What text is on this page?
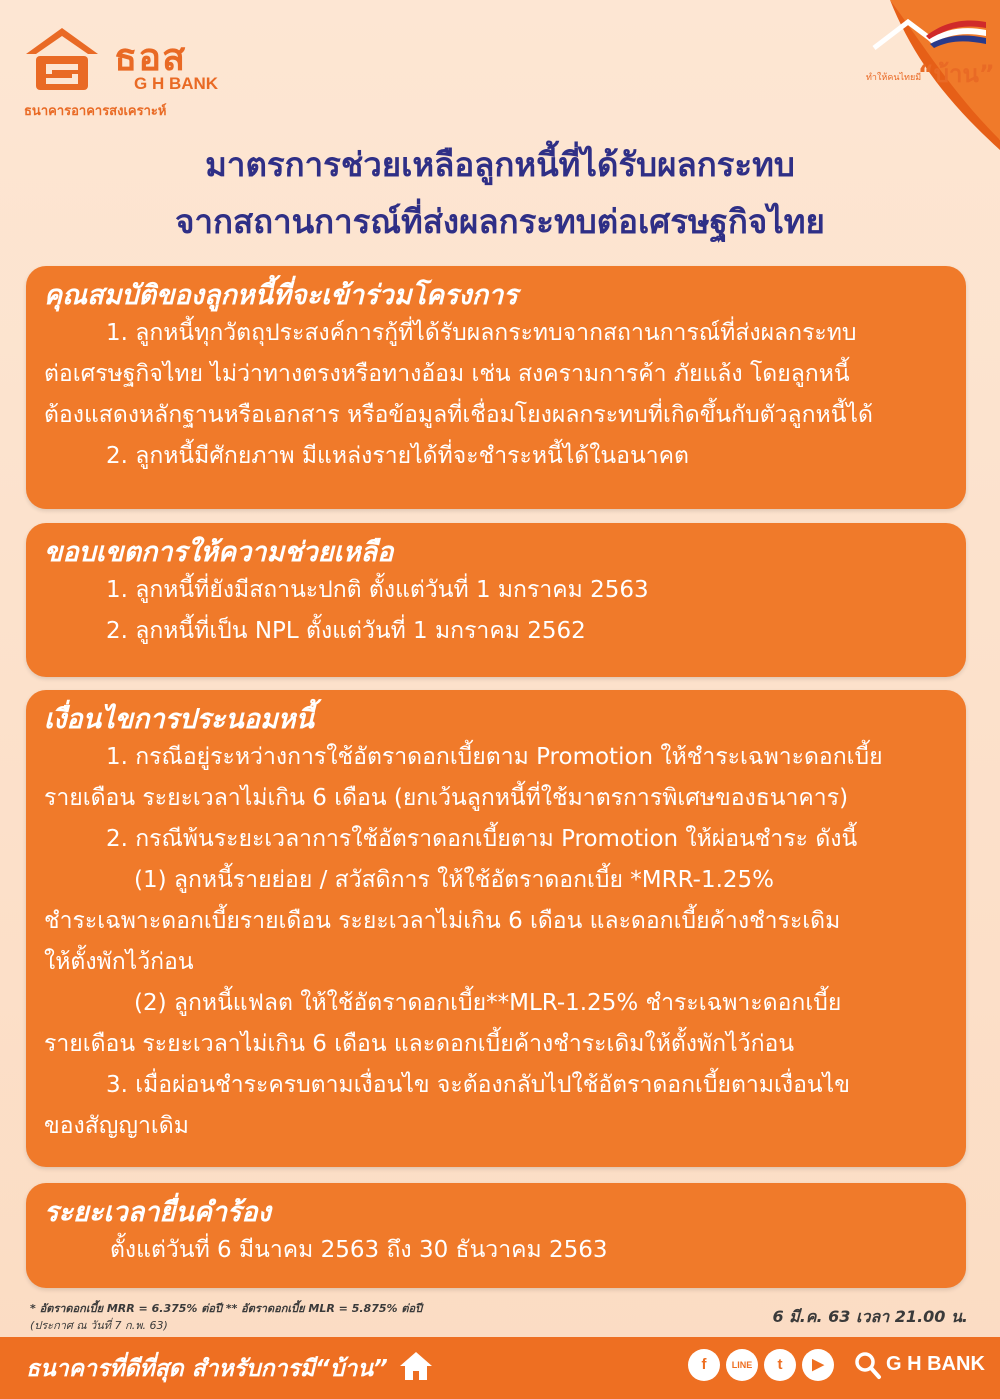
ธอส
G H BANK
ธนาคารอาคารสงเคราะห์
ทำให้คนไทยมี
“บ้าน”
มาตรการช่วยเหลือลูกหนี้ที่ได้รับผลกระทบ
จากสถานการณ์ที่ส่งผลกระทบต่อเศรษฐกิจไทย
คุณสมบัติของลูกหนี้ที่จะเข้าร่วมโครงการ

1. ลูกหนี้ทุกวัตถุประสงค์การกู้ที่ได้รับผลกระทบจากสถานการณ์ที่ส่งผลกระทบ

ต่อเศรษฐกิจไทย ไม่ว่าทางตรงหรือทางอ้อม เช่น สงครามการค้า ภัยแล้ง โดยลูกหนี้

ต้องแสดงหลักฐานหรือเอกสาร หรือข้อมูลที่เชื่อมโยงผลกระทบที่เกิดขึ้นกับตัวลูกหนี้ได้

2. ลูกหนี้มีศักยภาพ มีแหล่งรายได้ที่จะชำระหนี้ได้ในอนาคต

ขอบเขตการให้ความช่วยเหลือ

1. ลูกหนี้ที่ยังมีสถานะปกติ ตั้งแต่วันที่ 1 มกราคม 2563

2. ลูกหนี้ที่เป็น NPL ตั้งแต่วันที่ 1 มกราคม 2562

เงื่อนไขการประนอมหนี้

1. กรณีอยู่ระหว่างการใช้อัตราดอกเบี้ยตาม Promotion ให้ชำระเฉพาะดอกเบี้ย

รายเดือน ระยะเวลาไม่เกิน 6 เดือน (ยกเว้นลูกหนี้ที่ใช้มาตรการพิเศษของธนาคาร)

2. กรณีพ้นระยะเวลาการใช้อัตราดอกเบี้ยตาม Promotion ให้ผ่อนชำระ ดังนี้

(1) ลูกหนี้รายย่อย / สวัสดิการ ให้ใช้อัตราดอกเบี้ย *MRR-1.25%

ชำระเฉพาะดอกเบี้ยรายเดือน ระยะเวลาไม่เกิน 6 เดือน และดอกเบี้ยค้างชำระเดิม

ให้ตั้งพักไว้ก่อน

(2) ลูกหนี้แฟลต ให้ใช้อัตราดอกเบี้ย**MLR-1.25% ชำระเฉพาะดอกเบี้ย

รายเดือน ระยะเวลาไม่เกิน 6 เดือน และดอกเบี้ยค้างชำระเดิมให้ตั้งพักไว้ก่อน

3. เมื่อผ่อนชำระครบตามเงื่อนไข จะต้องกลับไปใช้อัตราดอกเบี้ยตามเงื่อนไข

ของสัญญาเดิม

ระยะเวลายื่นคำร้อง

ตั้งแต่วันที่ 6 มีนาคม 2563 ถึง 30 ธันวาคม 2563

* อัตราดอกเบี้ย MRR = 6.375% ต่อปี ** อัตราดอกเบี้ย MLR = 5.875% ต่อปี
(ประกาศ ณ วันที่ 7 ก.พ. 63)	6 มี.ค. 63 เวลา 21.00 น.
ธนาคารที่ดีที่สุด สำหรับการมี“บ้าน”	f	LINE	t	▶	G H BANK
